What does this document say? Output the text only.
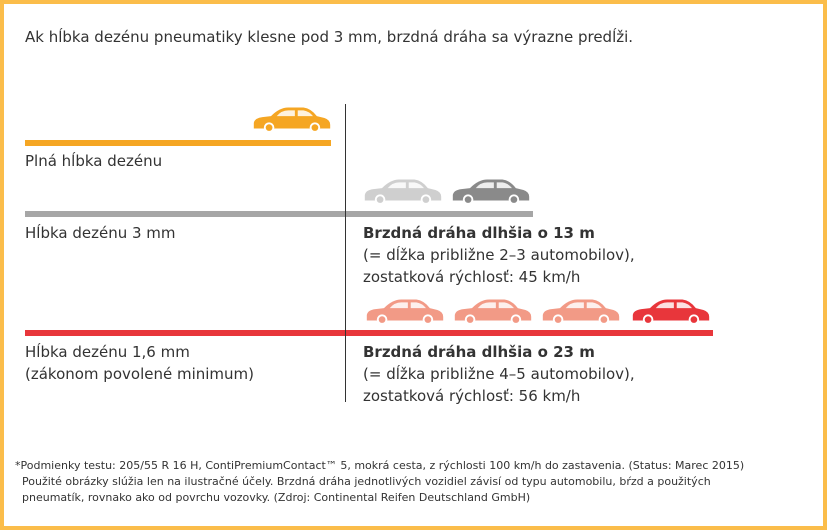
Ak hĺbka dezénu pneumatiky klesne pod 3 mm, brzdná dráha sa výrazne predĺži.
Plná hĺbka dezénu
Hĺbka dezénu 3 mm
Hĺbka dezénu 1,6 mm
(zákonom povolené minimum)
Brzdná dráha dlhšia o 13 m
(= dĺžka približne 2–3 automobilov),
zostatková rýchlosť: 45 km/h
Brzdná dráha dlhšia o 23 m
(= dĺžka približne 4–5 automobilov),
zostatková rýchlosť: 56 km/h
*Podmienky testu: 205/55 R 16 H, ContiPremiumContact™ 5, mokrá cesta, z rýchlosti 100 km/h do zastavenia. (Status: Marec 2015)
Použité obrázky slúžia len na ilustračné účely. Brzdná dráha jednotlivých vozidiel závisí od typu automobilu, bŕzd a použitých
pneumatík, rovnako ako od povrchu vozovky. (Zdroj: Continental Reifen Deutschland GmbH)
